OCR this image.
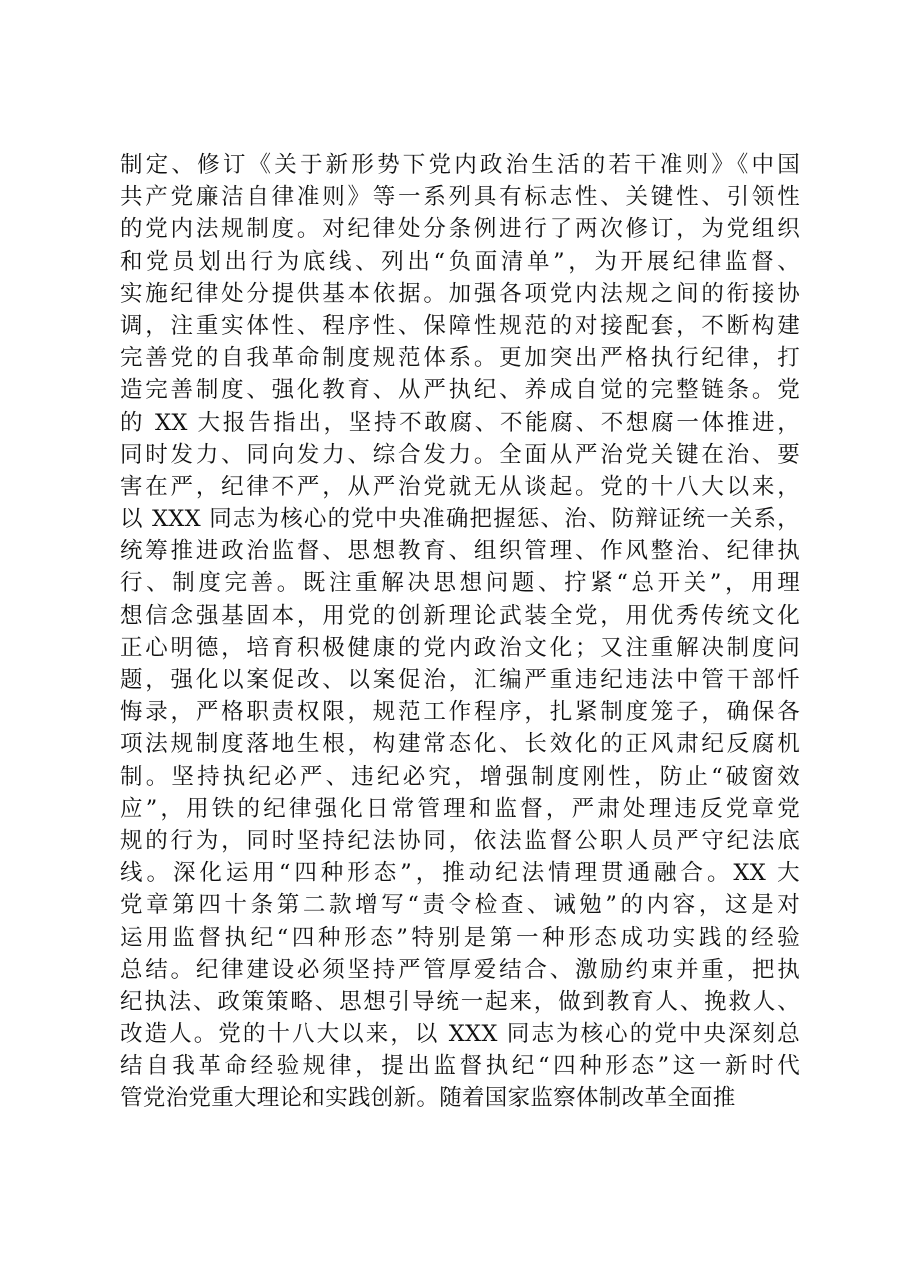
制定、修订《关于新形势下党内政治生活的若干准则》《中国
共产党廉洁自律准则》等一系列具有标志性、关键性、引领性
的党内法规制度。对纪律处分条例进行了两次修订，为党组织
和党员划出行为底线、列出“负面清单”，为开展纪律监督、
实施纪律处分提供基本依据。加强各项党内法规之间的衔接协
调，注重实体性、程序性、保障性规范的对接配套，不断构建
完善党的自我革命制度规范体系。更加突出严格执行纪律，打
造完善制度、强化教育、从严执纪、养成自觉的完整链条。党
的 XX 大报告指出，坚持不敢腐、不能腐、不想腐一体推进，
同时发力、同向发力、综合发力。全面从严治党关键在治、要
害在严，纪律不严，从严治党就无从谈起。党的十八大以来，
以 XXX 同志为核心的党中央准确把握惩、治、防辩证统一关系，
统筹推进政治监督、思想教育、组织管理、作风整治、纪律执
行、制度完善。既注重解决思想问题、拧紧“总开关”，用理
想信念强基固本，用党的创新理论武装全党，用优秀传统文化
正心明德，培育积极健康的党内政治文化；又注重解决制度问
题，强化以案促改、以案促治，汇编严重违纪违法中管干部忏
悔录，严格职责权限，规范工作程序，扎紧制度笼子，确保各
项法规制度落地生根，构建常态化、长效化的正风肃纪反腐机
制。坚持执纪必严、违纪必究，增强制度刚性，防止“破窗效
应”，用铁的纪律强化日常管理和监督，严肃处理违反党章党
规的行为，同时坚持纪法协同，依法监督公职人员严守纪法底
线。深化运用“四种形态”，推动纪法情理贯通融合。XX 大
党章第四十条第二款增写“责令检查、诫勉”的内容，这是对
运用监督执纪“四种形态”特别是第一种形态成功实践的经验
总结。纪律建设必须坚持严管厚爱结合、激励约束并重，把执
纪执法、政策策略、思想引导统一起来，做到教育人、挽救人、
改造人。党的十八大以来，以 XXX 同志为核心的党中央深刻总
结自我革命经验规律，提出监督执纪“四种形态”这一新时代
管党治党重大理论和实践创新。随着国家监察体制改革全面推
